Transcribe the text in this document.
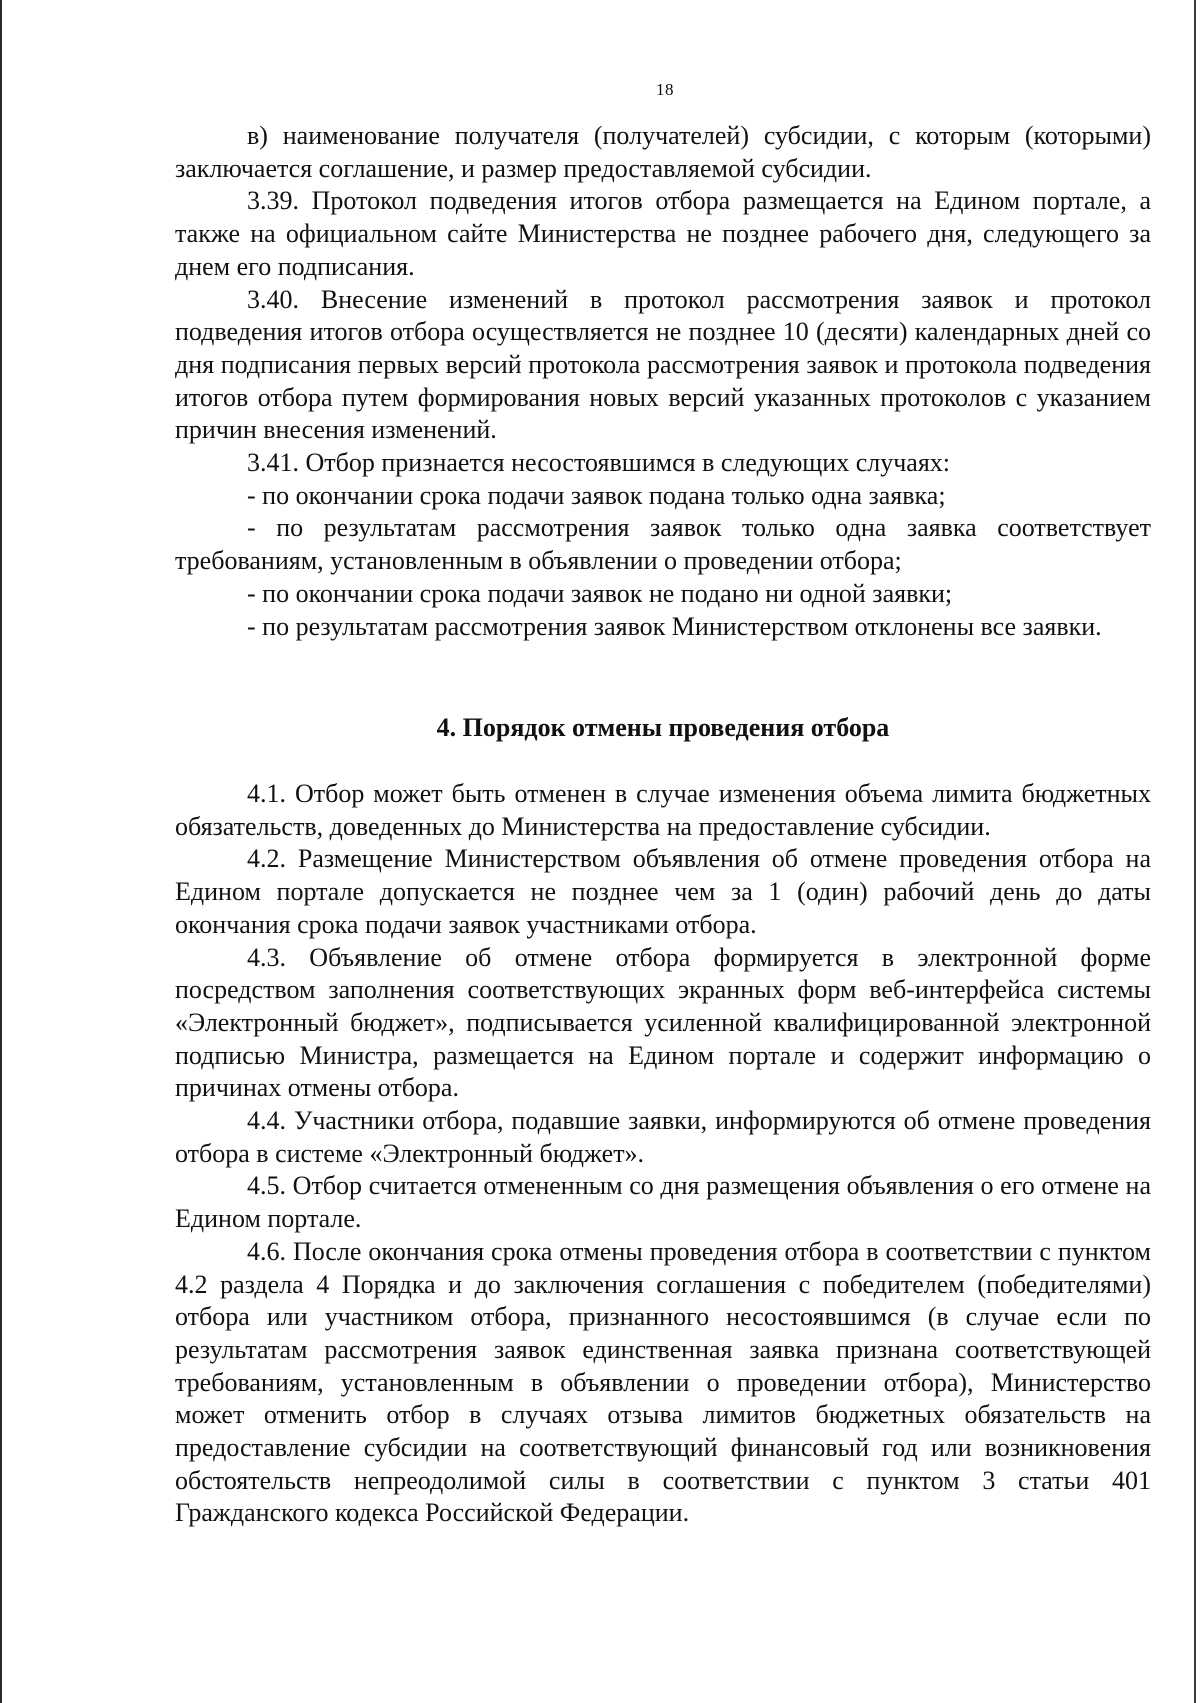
18

в) наименование получателя (получателей) субсидии, с которым (которыми) заключается соглашение, и размер предоставляемой субсидии.

3.39. Протокол подведения итогов отбора размещается на Едином портале, а также на официальном сайте Министерства не позднее рабочего дня, следующего за днем его подписания.

3.40. Внесение изменений в протокол рассмотрения заявок и протокол подведения итогов отбора осуществляется не позднее 10 (десяти) календарных дней со дня подписания первых версий протокола рассмотрения заявок и протокола подведения итогов отбора путем формирования новых версий указанных протоколов с указанием причин внесения изменений.

3.41. Отбор признается несостоявшимся в следующих случаях:

- по окончании срока подачи заявок подана только одна заявка;

- по результатам рассмотрения заявок только одна заявка соответствует требованиям, установленным в объявлении о проведении отбора;

- по окончании срока подачи заявок не подано ни одной заявки;

- по результатам рассмотрения заявок Министерством отклонены все заявки.

4. Порядок отмены проведения отбора

4.1. Отбор может быть отменен в случае изменения объема лимита бюджетных обязательств, доведенных до Министерства на предоставление субсидии.

4.2. Размещение Министерством объявления об отмене проведения отбора на Едином портале допускается не позднее чем за 1 (один) рабочий день до даты окончания срока подачи заявок участниками отбора.

4.3. Объявление об отмене отбора формируется в электронной форме посредством заполнения соответствующих экранных форм веб-интерфейса системы «Электронный бюджет», подписывается усиленной квалифицированной электронной подписью Министра, размещается на Едином портале и содержит информацию о причинах отмены отбора.

4.4. Участники отбора, подавшие заявки, информируются об отмене проведения отбора в системе «Электронный бюджет».

4.5. Отбор считается отмененным со дня размещения объявления о его отмене на Едином портале.

4.6. После окончания срока отмены проведения отбора в соответствии с пунктом 4.2 раздела 4 Порядка и до заключения соглашения с победителем (победителями) отбора или участником отбора, признанного несостоявшимся (в случае если по результатам рассмотрения заявок единственная заявка признана соответствующей требованиям, установленным в объявлении о проведении отбора), Министерство может отменить отбор в случаях отзыва лимитов бюджетных обязательств на предоставление субсидии на соответствующий финансовый год или возникновения обстоятельств непреодолимой силы в соответствии с пунктом 3 статьи 401 Гражданского кодекса Российской Федерации.
